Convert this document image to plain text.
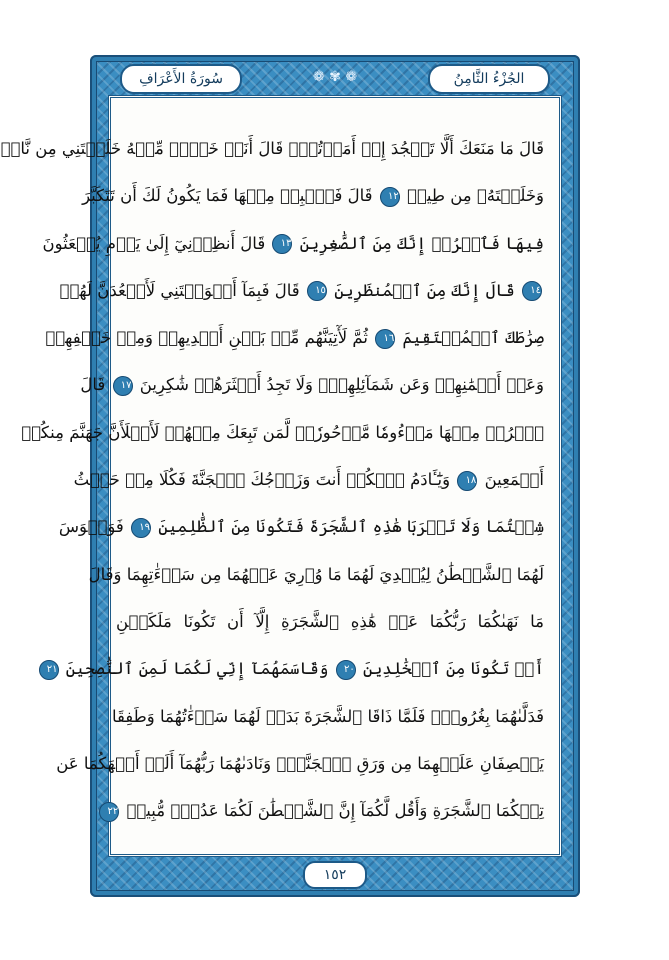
الجُزْءُ الثَّامِنُ
❁ ✾ ❁
سُورَةُ الأَعْرَافِ
قَالَ مَا مَنَعَكَ أَلَّا تَسۡجُدَ إِذۡ أَمَرۡتُكَۖ قَالَ أَنَا۠ خَيۡرٞ مِّنۡهُ خَلَقۡتَنِي مِن نَّارٖ
وَخَلَقۡتَهُۥ مِن طِينٖ ١٢ قَالَ فَٱهۡبِطۡ مِنۡهَا فَمَا يَكُونُ لَكَ أَن تَتَكَبَّرَ
فِيهَا فَٱخۡرُجۡ إِنَّكَ مِنَ ٱلصَّٰغِرِينَ ١٣ قَالَ أَنظِرۡنِيٓ إِلَىٰ يَوۡمِ يُبۡعَثُونَ
١٤ قَالَ إِنَّكَ مِنَ ٱلۡمُنظَرِينَ ١٥ قَالَ فَبِمَآ أَغۡوَيۡتَنِي لَأَقۡعُدَنَّ لَهُمۡ
صِرَٰطَكَ ٱلۡمُسۡتَقِيمَ ١٦ ثُمَّ لَأٓتِيَنَّهُم مِّنۢ بَيۡنِ أَيۡدِيهِمۡ وَمِنۡ خَلۡفِهِمۡ
وَعَنۡ أَيۡمَٰنِهِمۡ وَعَن شَمَآئِلِهِمۡۖ وَلَا تَجِدُ أَكۡثَرَهُمۡ شَٰكِرِينَ ١٧ قَالَ
ٱخۡرُجۡ مِنۡهَا مَذۡءُومٗا مَّدۡحُورٗاۖ لَّمَن تَبِعَكَ مِنۡهُمۡ لَأَمۡلَأَنَّ جَهَنَّمَ مِنكُمۡ
أَجۡمَعِينَ ١٨ وَيَٰٓـَٔادَمُ ٱسۡكُنۡ أَنتَ وَزَوۡجُكَ ٱلۡجَنَّةَ فَكُلَا مِنۡ حَيۡثُ
شِئۡتُمَا وَلَا تَقۡرَبَا هَٰذِهِ ٱلشَّجَرَةَ فَتَكُونَا مِنَ ٱلظَّٰلِمِينَ ١٩ فَوَسۡوَسَ
لَهُمَا ٱلشَّيۡطَٰنُ لِيُبۡدِيَ لَهُمَا مَا وُۥرِيَ عَنۡهُمَا مِن سَوۡءَٰتِهِمَا وَقَالَ
مَا نَهَىٰكُمَا رَبُّكُمَا عَنۡ هَٰذِهِ ٱلشَّجَرَةِ إِلَّآ أَن تَكُونَا مَلَكَيۡنِ
أَوۡ تَكُونَا مِنَ ٱلۡخَٰلِدِينَ ٢٠ وَقَاسَمَهُمَآ إِنِّي لَكُمَا لَمِنَ ٱلنَّٰصِحِينَ ٢١
فَدَلَّىٰهُمَا بِغُرُورٖۚ فَلَمَّا ذَاقَا ٱلشَّجَرَةَ بَدَتۡ لَهُمَا سَوۡءَٰتُهُمَا وَطَفِقَا
يَخۡصِفَانِ عَلَيۡهِمَا مِن وَرَقِ ٱلۡجَنَّةِۖ وَنَادَىٰهُمَا رَبُّهُمَآ أَلَمۡ أَنۡهَكُمَا عَن
تِلۡكُمَا ٱلشَّجَرَةِ وَأَقُل لَّكُمَآ إِنَّ ٱلشَّيۡطَٰنَ لَكُمَا عَدُوّٞ مُّبِينٞ ٢٢
١٥٢
